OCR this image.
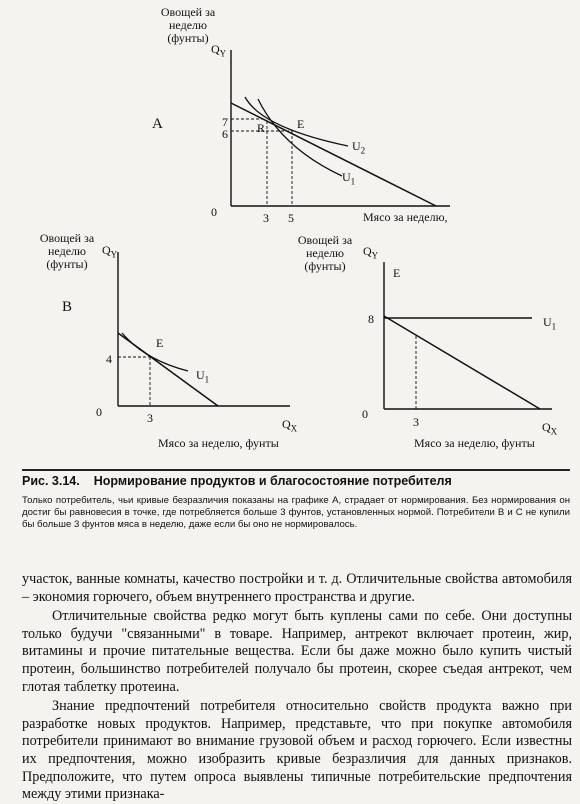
Овощей за
неделю
(фунты)
A
$Q_Y$
7
6
0	3 5	Мясо за неделю,
R	E
$U_2$
$U_1$
Овощей за
неделю
(фунты)
B
$Q_Y$
4
0	3	$Q_X$
Мясо за неделю, фунты
E
$U_1$
Овощей за
неделю
(фунты)
$Q_Y$
E
8	$U_1$
0
3	$Q_X$
Мясо за неделю, фунты
Рис. 3.14. Нормирование продуктов и благосостояние потребителя
Только потребитель, чьи кривые безразличия показаны на графике A, страдает от нормирования. Без нормирования он достиг бы равновесия в точке, где потребляется больше 3 фунтов, установленных нормой. Потребители B и C не купили бы больше 3 фунтов мяса в неделю, даже если бы оно не нормировалось.

участок, ванные комнаты, качество постройки и т. д. Отличительные свойства автомобиля – экономия горючего, объем внутреннего пространства и другие.

Отличительные свойства редко могут быть куплены сами по себе. Они доступны только будучи "связанными" в товаре. Например, антрекот включает протеин, жир, витамины и прочие питательные вещества. Если бы даже можно было купить чистый протеин, большинство потребителей получало бы протеин, скорее съедая антрекот, чем глотая таблетку протеина.

Знание предпочтений потребителя относительно свойств продукта важно при разработке новых продуктов. Например, представьте, что при покупке автомобиля потребители принимают во внимание грузовой объем и расход горючего. Если известны их предпочтения, можно изобразить кривые безразличия для данных признаков. Предположите, что путем опроса выявлены типичные потребительские предпочтения между этими признака-
